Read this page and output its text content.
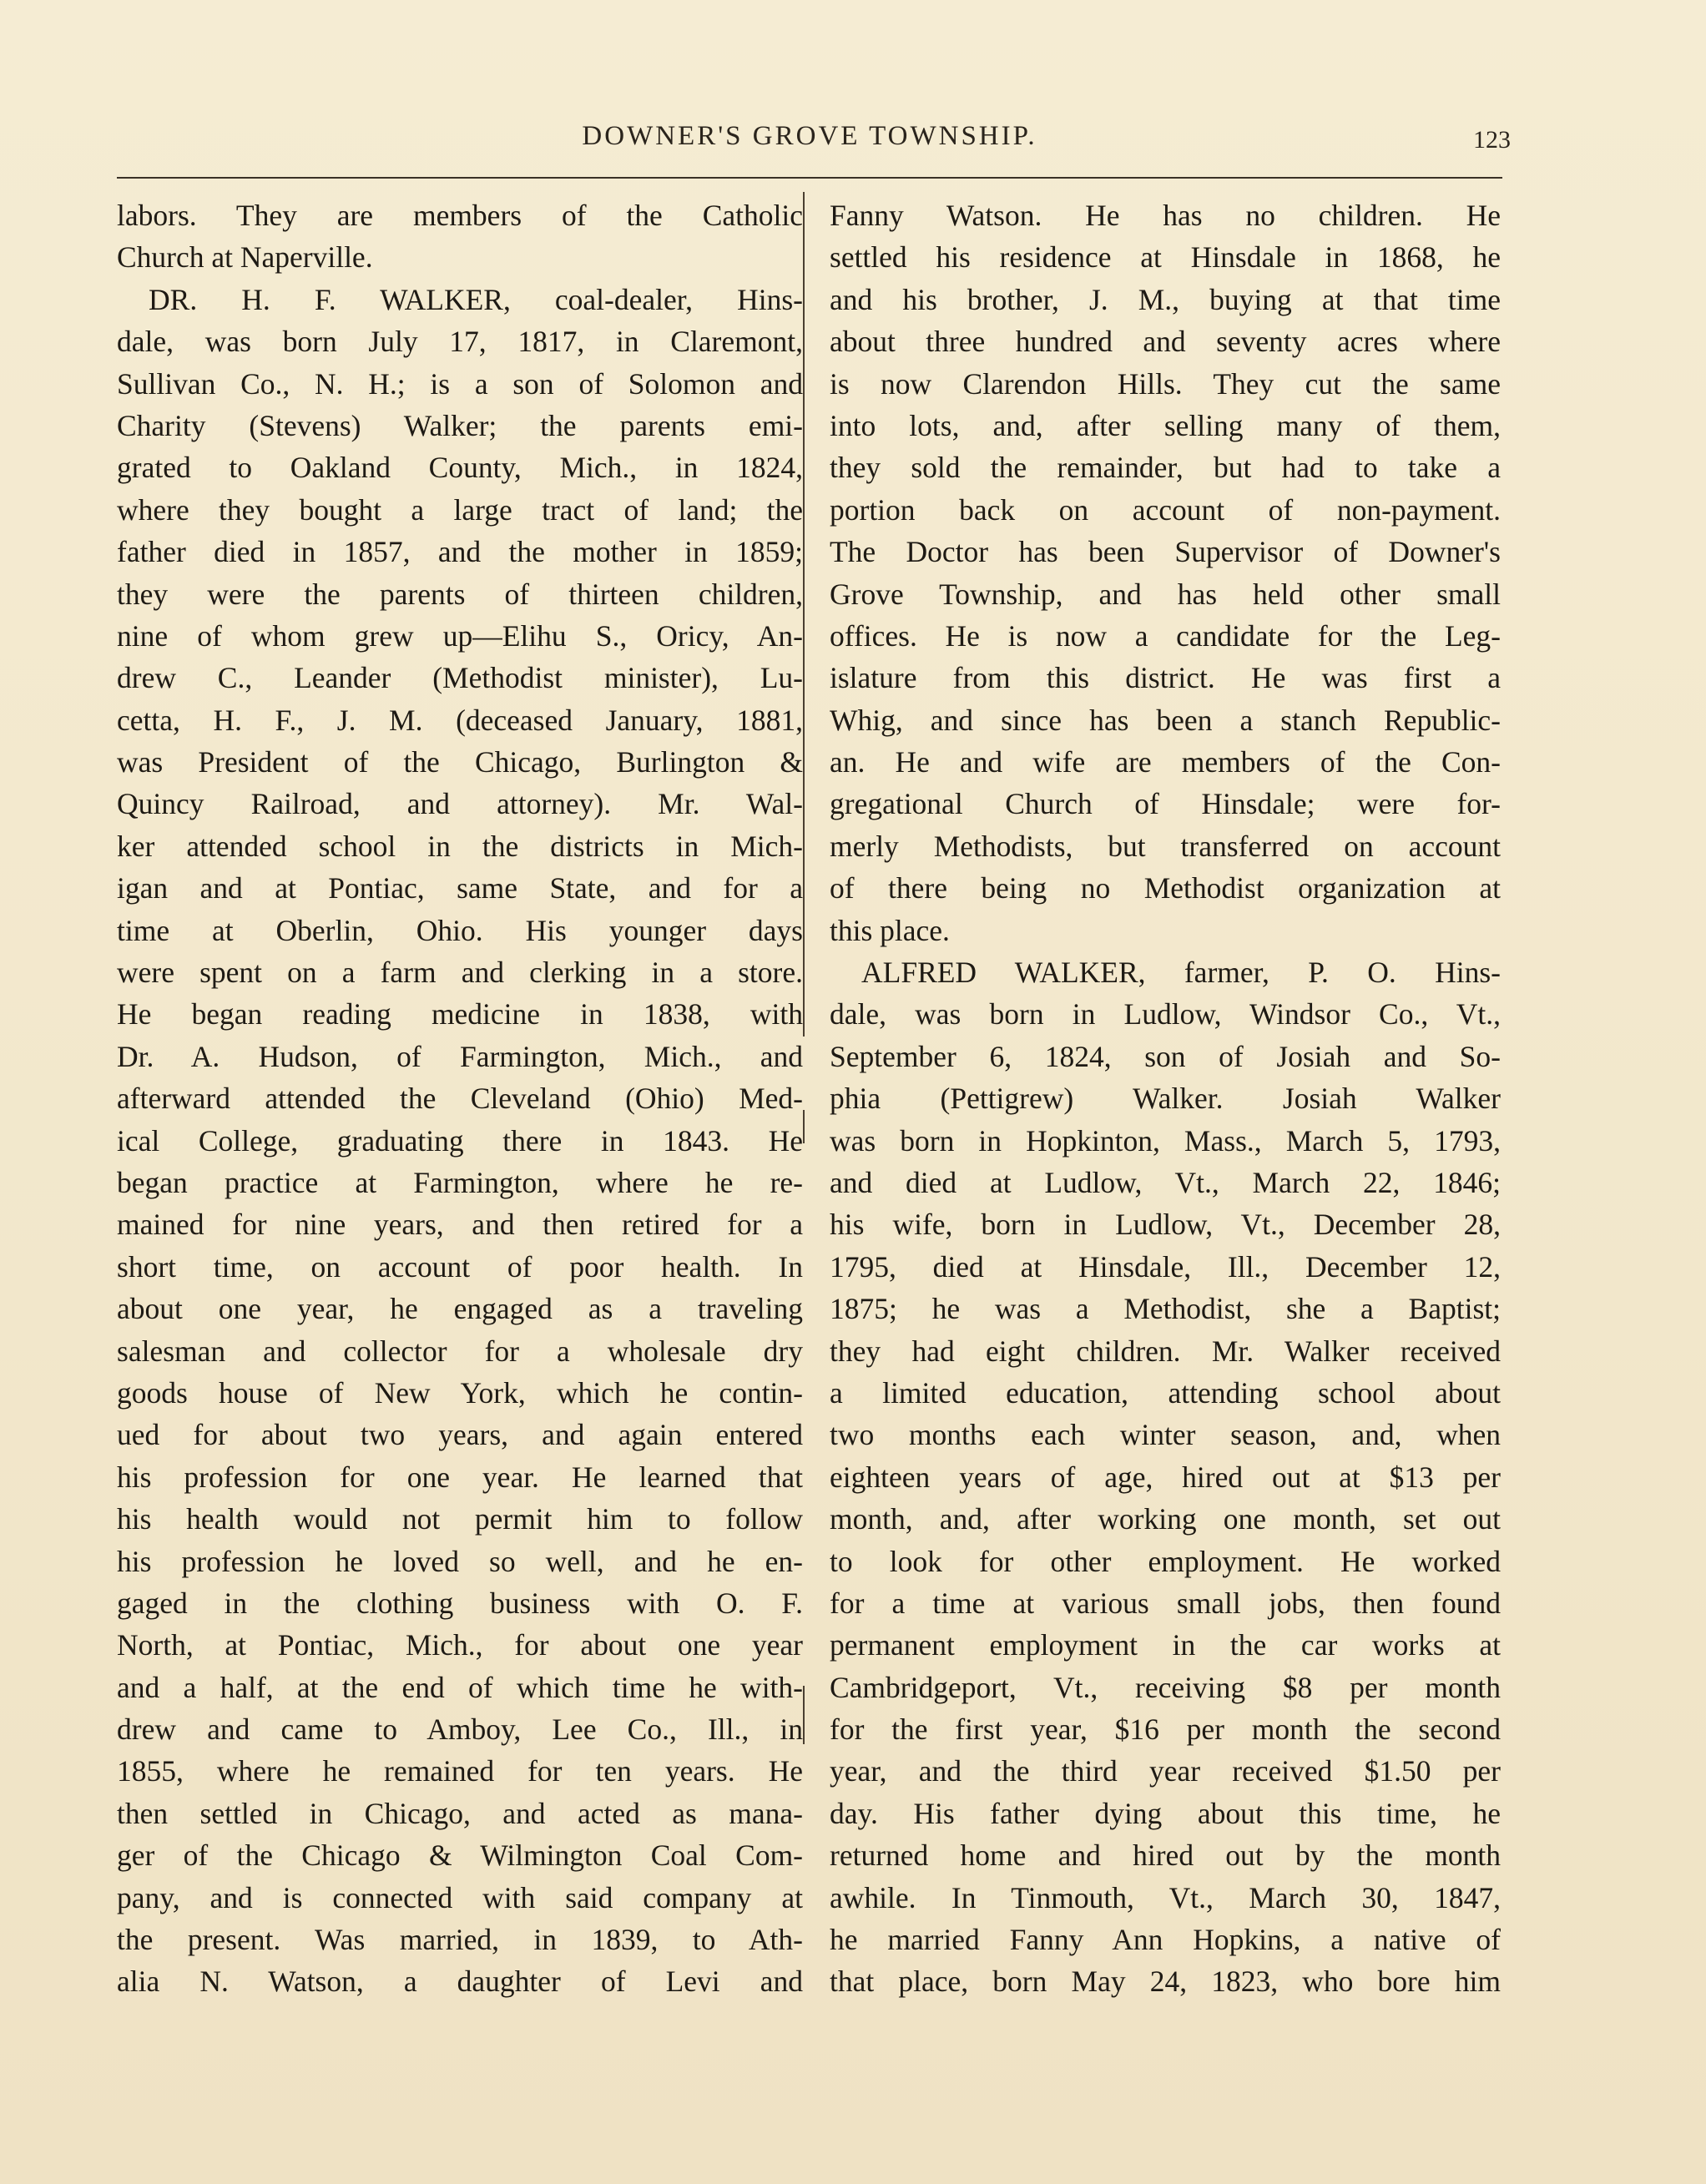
DOWNER'S GROVE TOWNSHIP.	123
labors. They are members of the Catholic
Church at Naperville.
DR. H. F. WALKER, coal-dealer, Hins-
dale, was born July 17, 1817, in Claremont,
Sullivan Co., N. H.; is a son of Solomon and
Charity (Stevens) Walker; the parents emi-
grated to Oakland County, Mich., in 1824,
where they bought a large tract of land; the
father died in 1857, and the mother in 1859;
they were the parents of thirteen children,
nine of whom grew up—Elihu S., Oricy, An-
drew C., Leander (Methodist minister), Lu-
cetta, H. F., J. M. (deceased January, 1881,
was President of the Chicago, Burlington &
Quincy Railroad, and attorney). Mr. Wal-
ker attended school in the districts in Mich-
igan and at Pontiac, same State, and for a
time at Oberlin, Ohio. His younger days
were spent on a farm and clerking in a store.
He began reading medicine in 1838, with
Dr. A. Hudson, of Farmington, Mich., and
afterward attended the Cleveland (Ohio) Med-
ical College, graduating there in 1843. He
began practice at Farmington, where he re-
mained for nine years, and then retired for a
short time, on account of poor health. In
about one year, he engaged as a traveling
salesman and collector for a wholesale dry
goods house of New York, which he contin-
ued for about two years, and again entered
his profession for one year. He learned that
his health would not permit him to follow
his profession he loved so well, and he en-
gaged in the clothing business with O. F.
North, at Pontiac, Mich., for about one year
and a half, at the end of which time he with-
drew and came to Amboy, Lee Co., Ill., in
1855, where he remained for ten years. He
then settled in Chicago, and acted as mana-
ger of the Chicago & Wilmington Coal Com-
pany, and is connected with said company at
the present. Was married, in 1839, to Ath-
alia N. Watson, a daughter of Levi and
Fanny Watson. He has no children. He
settled his residence at Hinsdale in 1868, he
and his brother, J. M., buying at that time
about three hundred and seventy acres where
is now Clarendon Hills. They cut the same
into lots, and, after selling many of them,
they sold the remainder, but had to take a
portion back on account of non-payment.
The Doctor has been Supervisor of Downer's
Grove Township, and has held other small
offices. He is now a candidate for the Leg-
islature from this district. He was first a
Whig, and since has been a stanch Republic-
an. He and wife are members of the Con-
gregational Church of Hinsdale; were for-
merly Methodists, but transferred on account
of there being no Methodist organization at
this place.
ALFRED WALKER, farmer, P. O. Hins-
dale, was born in Ludlow, Windsor Co., Vt.,
September 6, 1824, son of Josiah and So-
phia (Pettigrew) Walker. Josiah Walker
was born in Hopkinton, Mass., March 5, 1793,
and died at Ludlow, Vt., March 22, 1846;
his wife, born in Ludlow, Vt., December 28,
1795, died at Hinsdale, Ill., December 12,
1875; he was a Methodist, she a Baptist;
they had eight children. Mr. Walker received
a limited education, attending school about
two months each winter season, and, when
eighteen years of age, hired out at $13 per
month, and, after working one month, set out
to look for other employment. He worked
for a time at various small jobs, then found
permanent employment in the car works at
Cambridgeport, Vt., receiving $8 per month
for the first year, $16 per month the second
year, and the third year received $1.50 per
day. His father dying about this time, he
returned home and hired out by the month
awhile. In Tinmouth, Vt., March 30, 1847,
he married Fanny Ann Hopkins, a native of
that place, born May 24, 1823, who bore him
